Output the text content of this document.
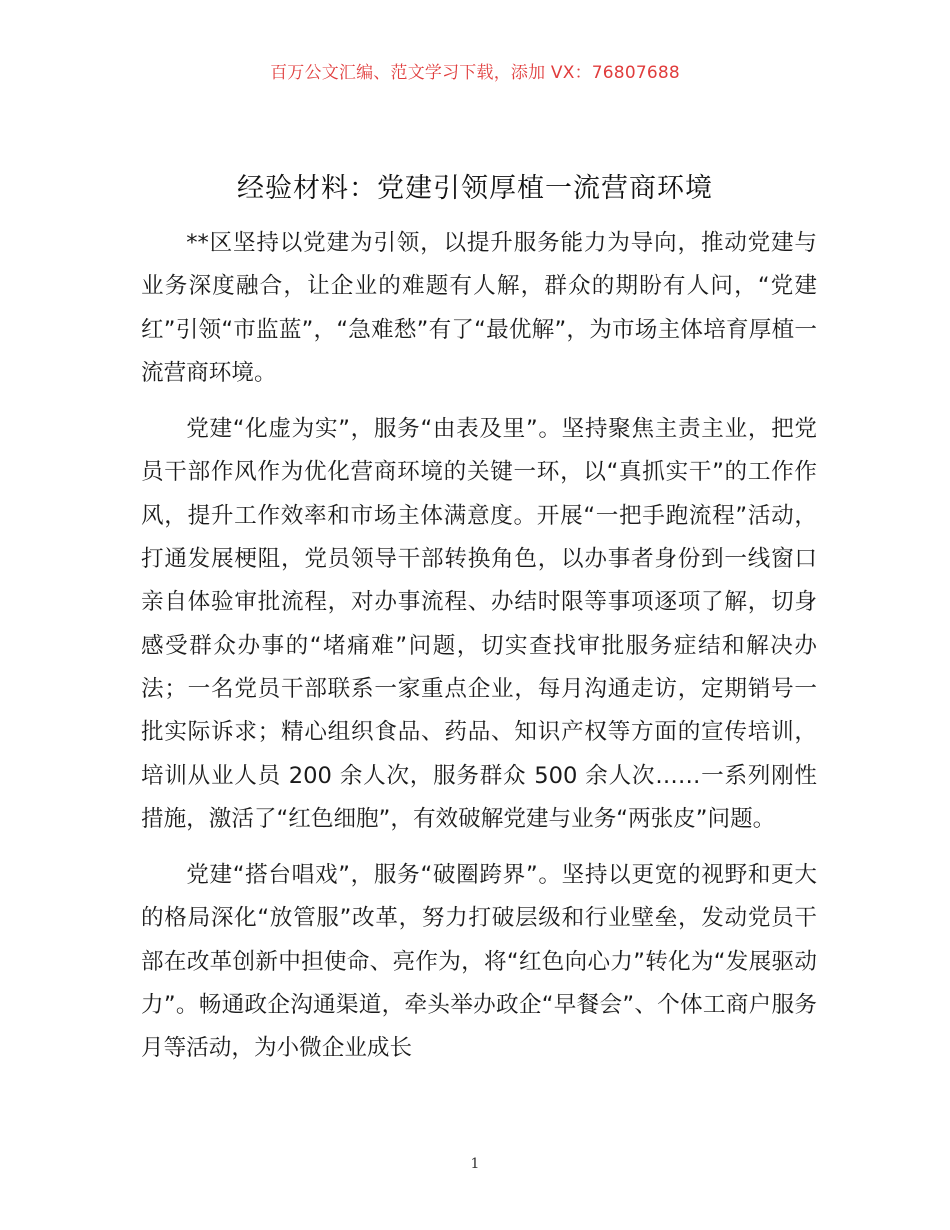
百万公文汇编、范文学习下载，添加 VX：76807688
经验材料：党建引领厚植一流营商环境

**区坚持以党建为引领，以提升服务能力为导向，推动党建与业务深度融合，让企业的难题有人解，群众的期盼有人问，“党建红”引领“市监蓝”，“急难愁”有了“最优解”，为市场主体培育厚植一流营商环境。

党建“化虚为实”，服务“由表及里”。坚持聚焦主责主业，把党员干部作风作为优化营商环境的关键一环，以“真抓实干”的工作作风，提升工作效率和市场主体满意度。开展“一把手跑流程”活动，打通发展梗阻，党员领导干部转换角色，以办事者身份到一线窗口亲自体验审批流程，对办事流程、办结时限等事项逐项了解，切身感受群众办事的“堵痛难”问题，切实查找审批服务症结和解决办法；一名党员干部联系一家重点企业，每月沟通走访，定期销号一批实际诉求；精心组织食品、药品、知识产权等方面的宣传培训，培训从业人员 200 余人次，服务群众 500 余人次……一系列刚性措施，激活了“红色细胞”，有效破解党建与业务“两张皮”问题。

党建“搭台唱戏”，服务“破圈跨界”。坚持以更宽的视野和更大的格局深化“放管服”改革，努力打破层级和行业壁垒，发动党员干部在改革创新中担使命、亮作为，将“红色向心力”转化为“发展驱动力”。畅通政企沟通渠道，牵头举办政企“早餐会”、个体工商户服务月等活动，为小微企业成长

1
